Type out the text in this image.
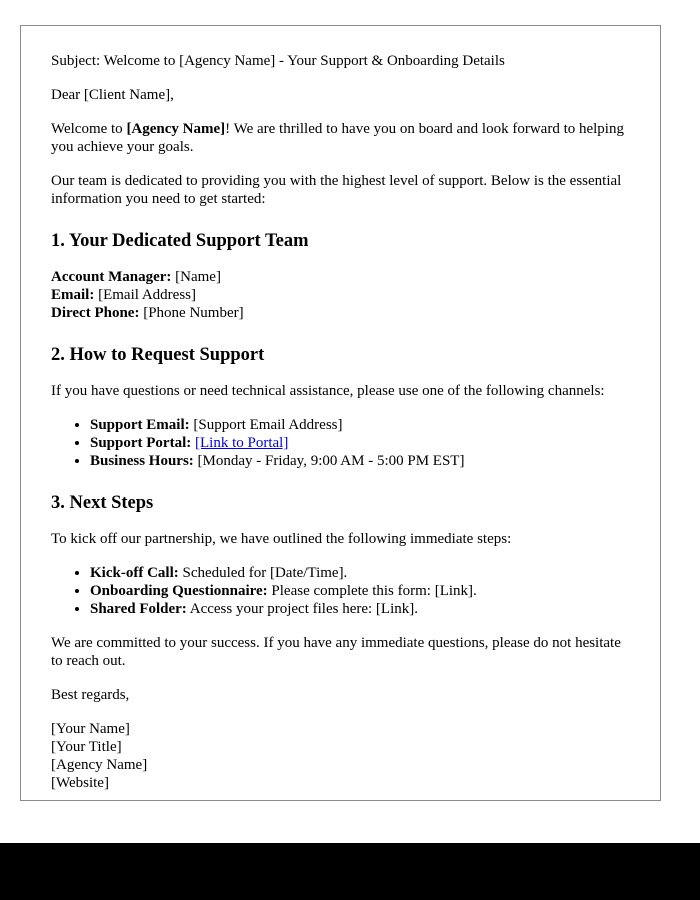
Subject: Welcome to [Agency Name] - Your Support & Onboarding Details

Dear [Client Name],

Welcome to [Agency Name]! We are thrilled to have you on board and look forward to helping you achieve your goals.

Our team is dedicated to providing you with the highest level of support. Below is the essential information you need to get started:

1. Your Dedicated Support Team
Account Manager: [Name]
Email: [Email Address]
Direct Phone: [Phone Number]
2. How to Request Support

If you have questions or need technical assistance, please use one of the following channels:

• Support Email: [Support Email Address]
• Support Portal: [Link to Portal]
• Business Hours: [Monday - Friday, 9:00 AM - 5:00 PM EST]
3. Next Steps

To kick off our partnership, we have outlined the following immediate steps:

• Kick-off Call: Scheduled for [Date/Time].
• Onboarding Questionnaire: Please complete this form: [Link].
• Shared Folder: Access your project files here: [Link].

We are committed to your success. If you have any immediate questions, please do not hesitate to reach out.

Best regards,

[Your Name]
[Your Title]
[Agency Name]
[Website]
